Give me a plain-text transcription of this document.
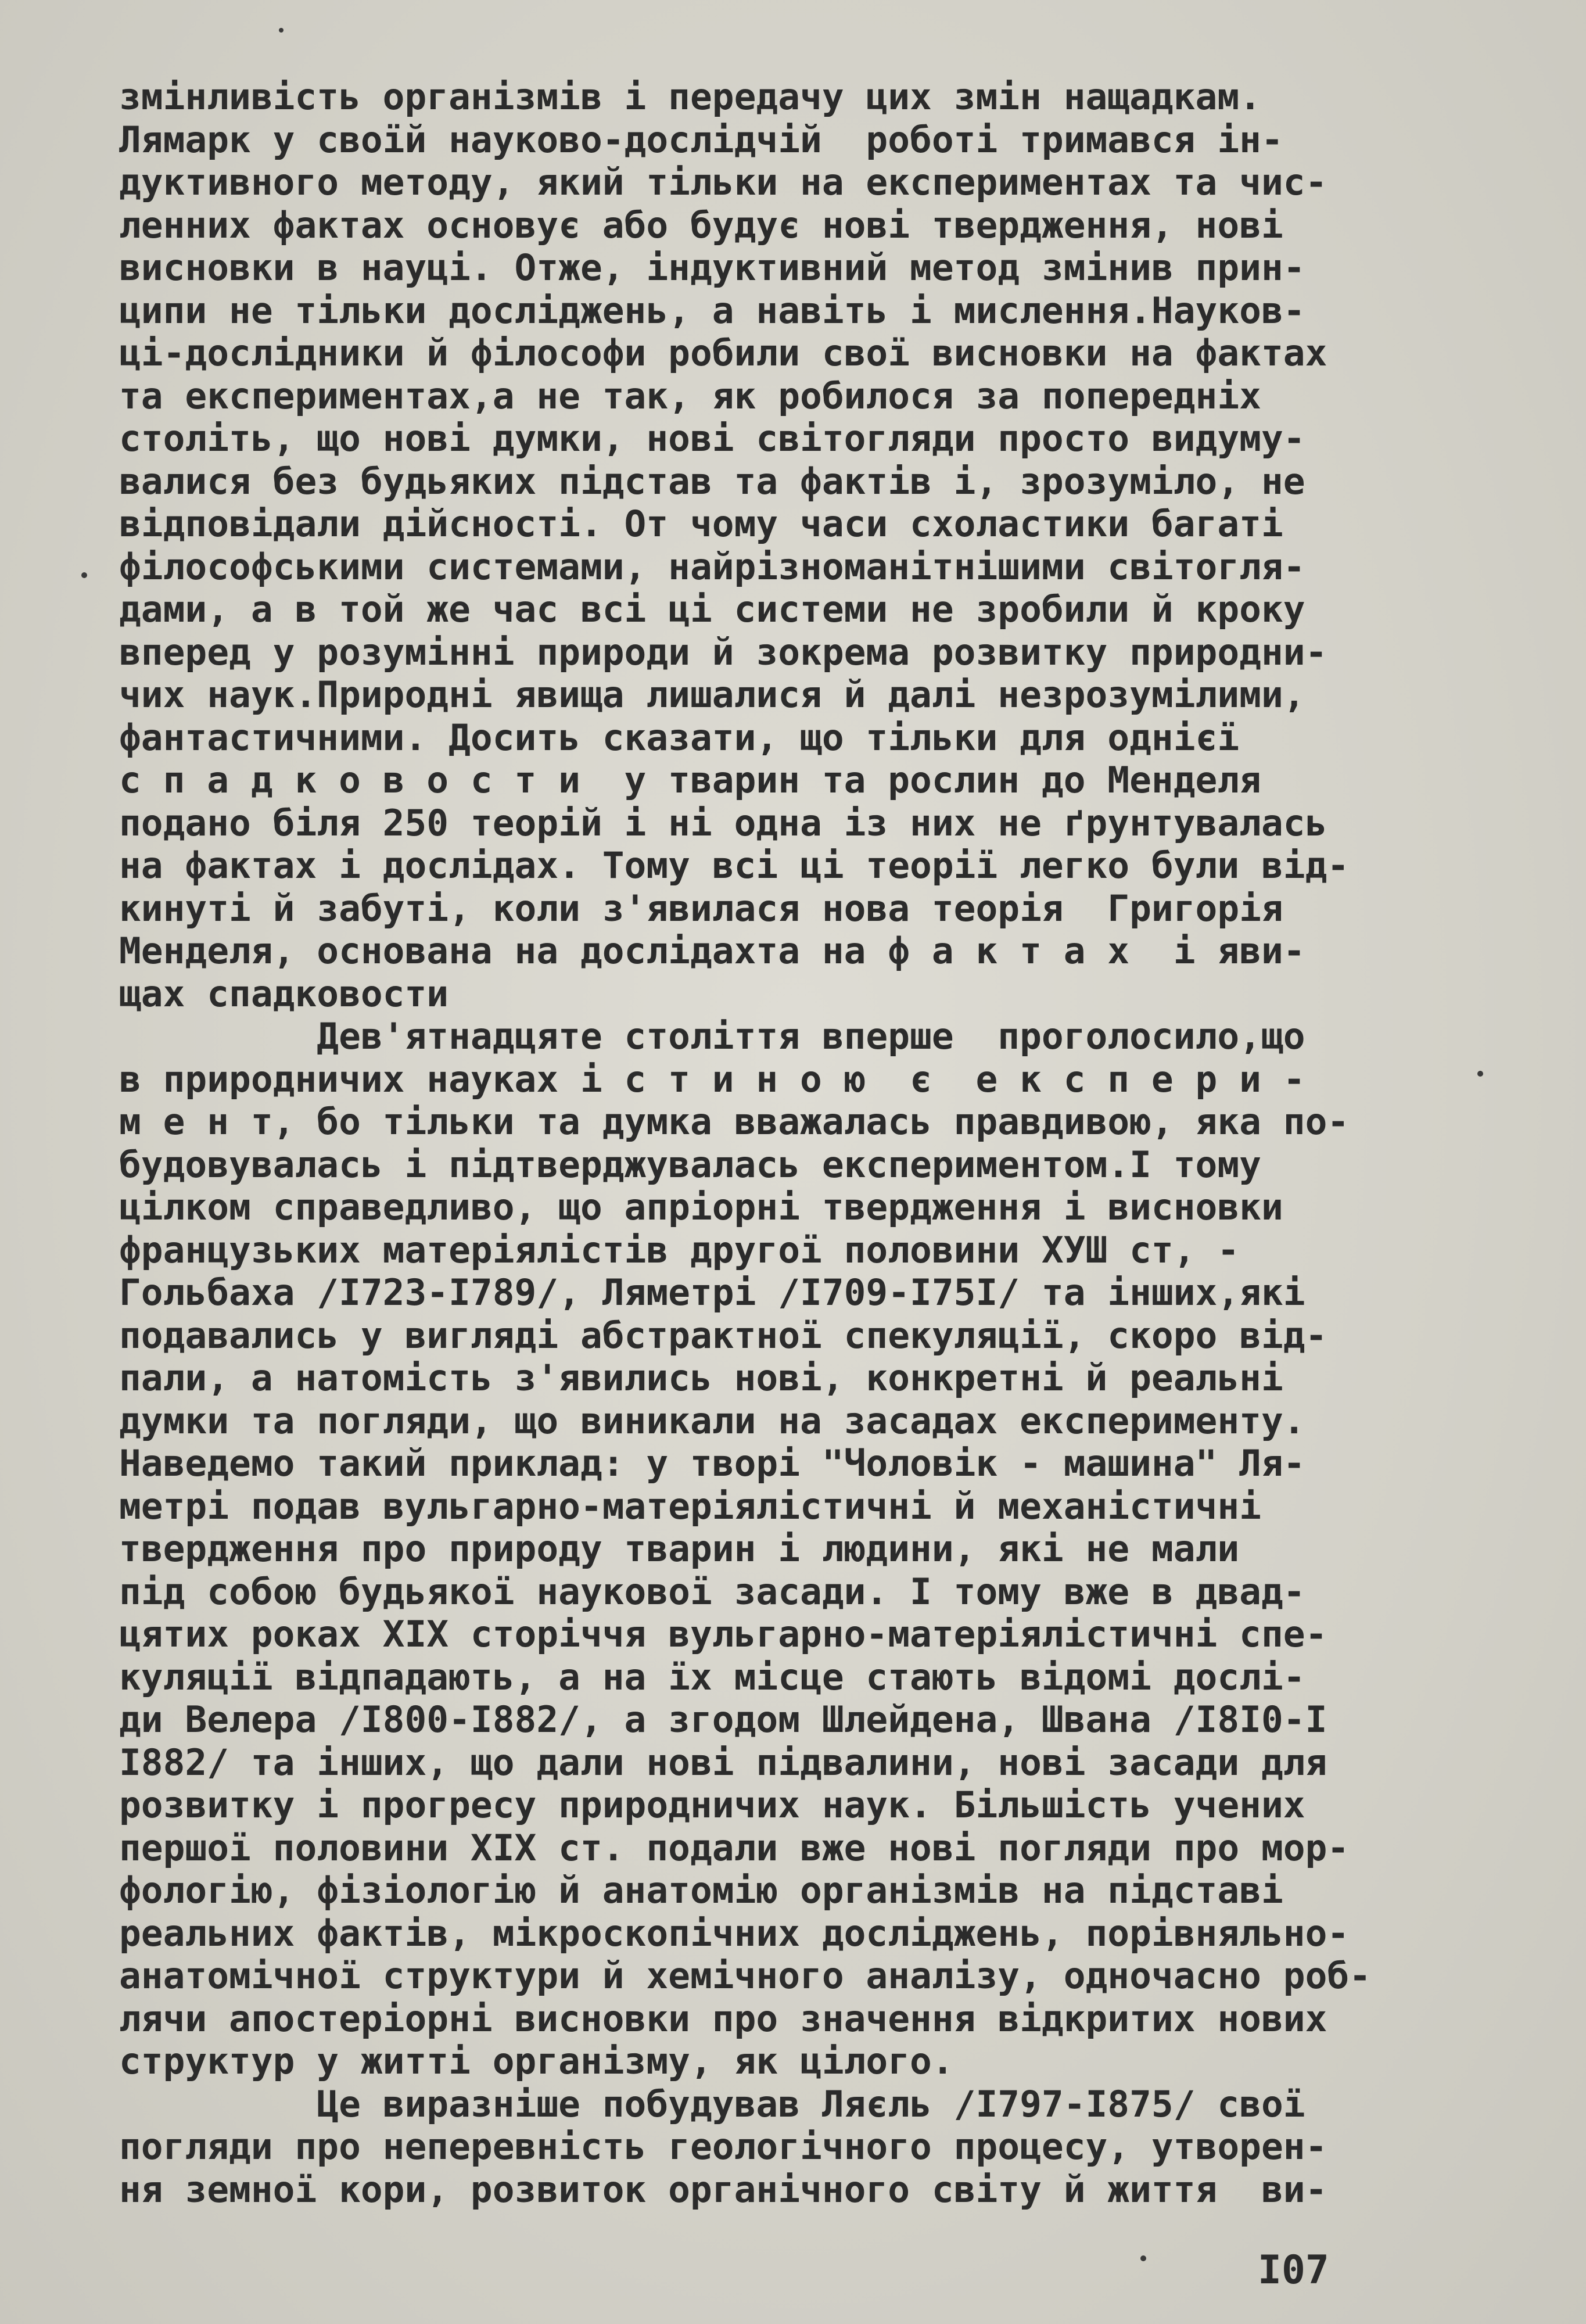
змінливість організмів і передачу цих змін нащадкам.
Лямарк у своїй науково-дослідчій  роботі тримався ін-
дуктивного методу, який тільки на експериментах та чис-
ленних фактах основує або будує нові твердження, нові
висновки в науці. Отже, індуктивний метод змінив прин-
ципи не тільки досліджень, а навіть і мислення.Науков-
ці-дослідники й філософи робили свої висновки на фактах
та експериментах,а не так, як робилося за попередніх
століть, що нові думки, нові світогляди просто видуму-
валися без будьяких підстав та фактів і, зрозуміло, не
відповідали дійсності. От чому часи схоластики багаті
філософськими системами, найрізноманітнішими світогля-
дами, а в той же час всі ці системи не зробили й кроку
вперед у розумінні природи й зокрема розвитку природни-
чих наук.Природні явища лишалися й далі незрозумілими,
фантастичними. Досить сказати, що тільки для однієї
с п а д к о в о с т и  у тварин та рослин до Менделя
подано біля 250 теорій і ні одна із них не ґрунтувалась
на фактах і дослідах. Тому всі ці теорії легко були від-
кинуті й забуті, коли з'явилася нова теорія  Григорія
Менделя, основана на дослідахта на ф а к т а х  і яви-
щах спадковости
Дев'ятнадцяте століття вперше  проголосило,що
в природничих науках і с т и н о ю  є  е к с п е р и -
м е н т, бо тільки та думка вважалась правдивою, яка по-
будовувалась і підтверджувалась експериментом.І тому
цілком справедливо, що апріорні твердження і висновки
французьких матеріялістів другої половини ХУШ ст, -
Гольбаха /I723-I789/, Ляметрі /I709-I75I/ та інших,які
подавались у вигляді абстрактної спекуляції, скоро від-
пали, а натомість з'явились нові, конкретні й реальні
думки та погляди, що виникали на засадах експерименту.
Наведемо такий приклад: у творі "Чоловік - машина" Ля-
метрі подав вульгарно-матеріялістичні й механістичні
твердження про природу тварин і людини, які не мали
під собою будьякої наукової засади. І тому вже в двад-
цятих роках XIX сторіччя вульгарно-матеріялістичні спе-
куляції відпадають, а на їх місце стають відомі дослі-
ди Велера /I800-I882/, а згодом Шлейдена, Швана /I8I0-I
I882/ та інших, що дали нові підвалини, нові засади для
розвитку і прогресу природничих наук. Більшість учених
першої половини XIX ст. подали вже нові погляди про мор-
фологію, фізіологію й анатомію організмів на підставі
реальних фактів, мікроскопічних досліджень, порівняльно-
анатомічної структури й хемічного аналізу, одночасно роб-
лячи апостеріорні висновки про значення відкритих нових
структур у житті організму, як цілого.
Це виразніше побудував Ляєль /I797-I875/ свої
погляди про неперевність геологічного процесу, утворен-
ня земної кори, розвиток органічного світу й життя  ви-
I07
